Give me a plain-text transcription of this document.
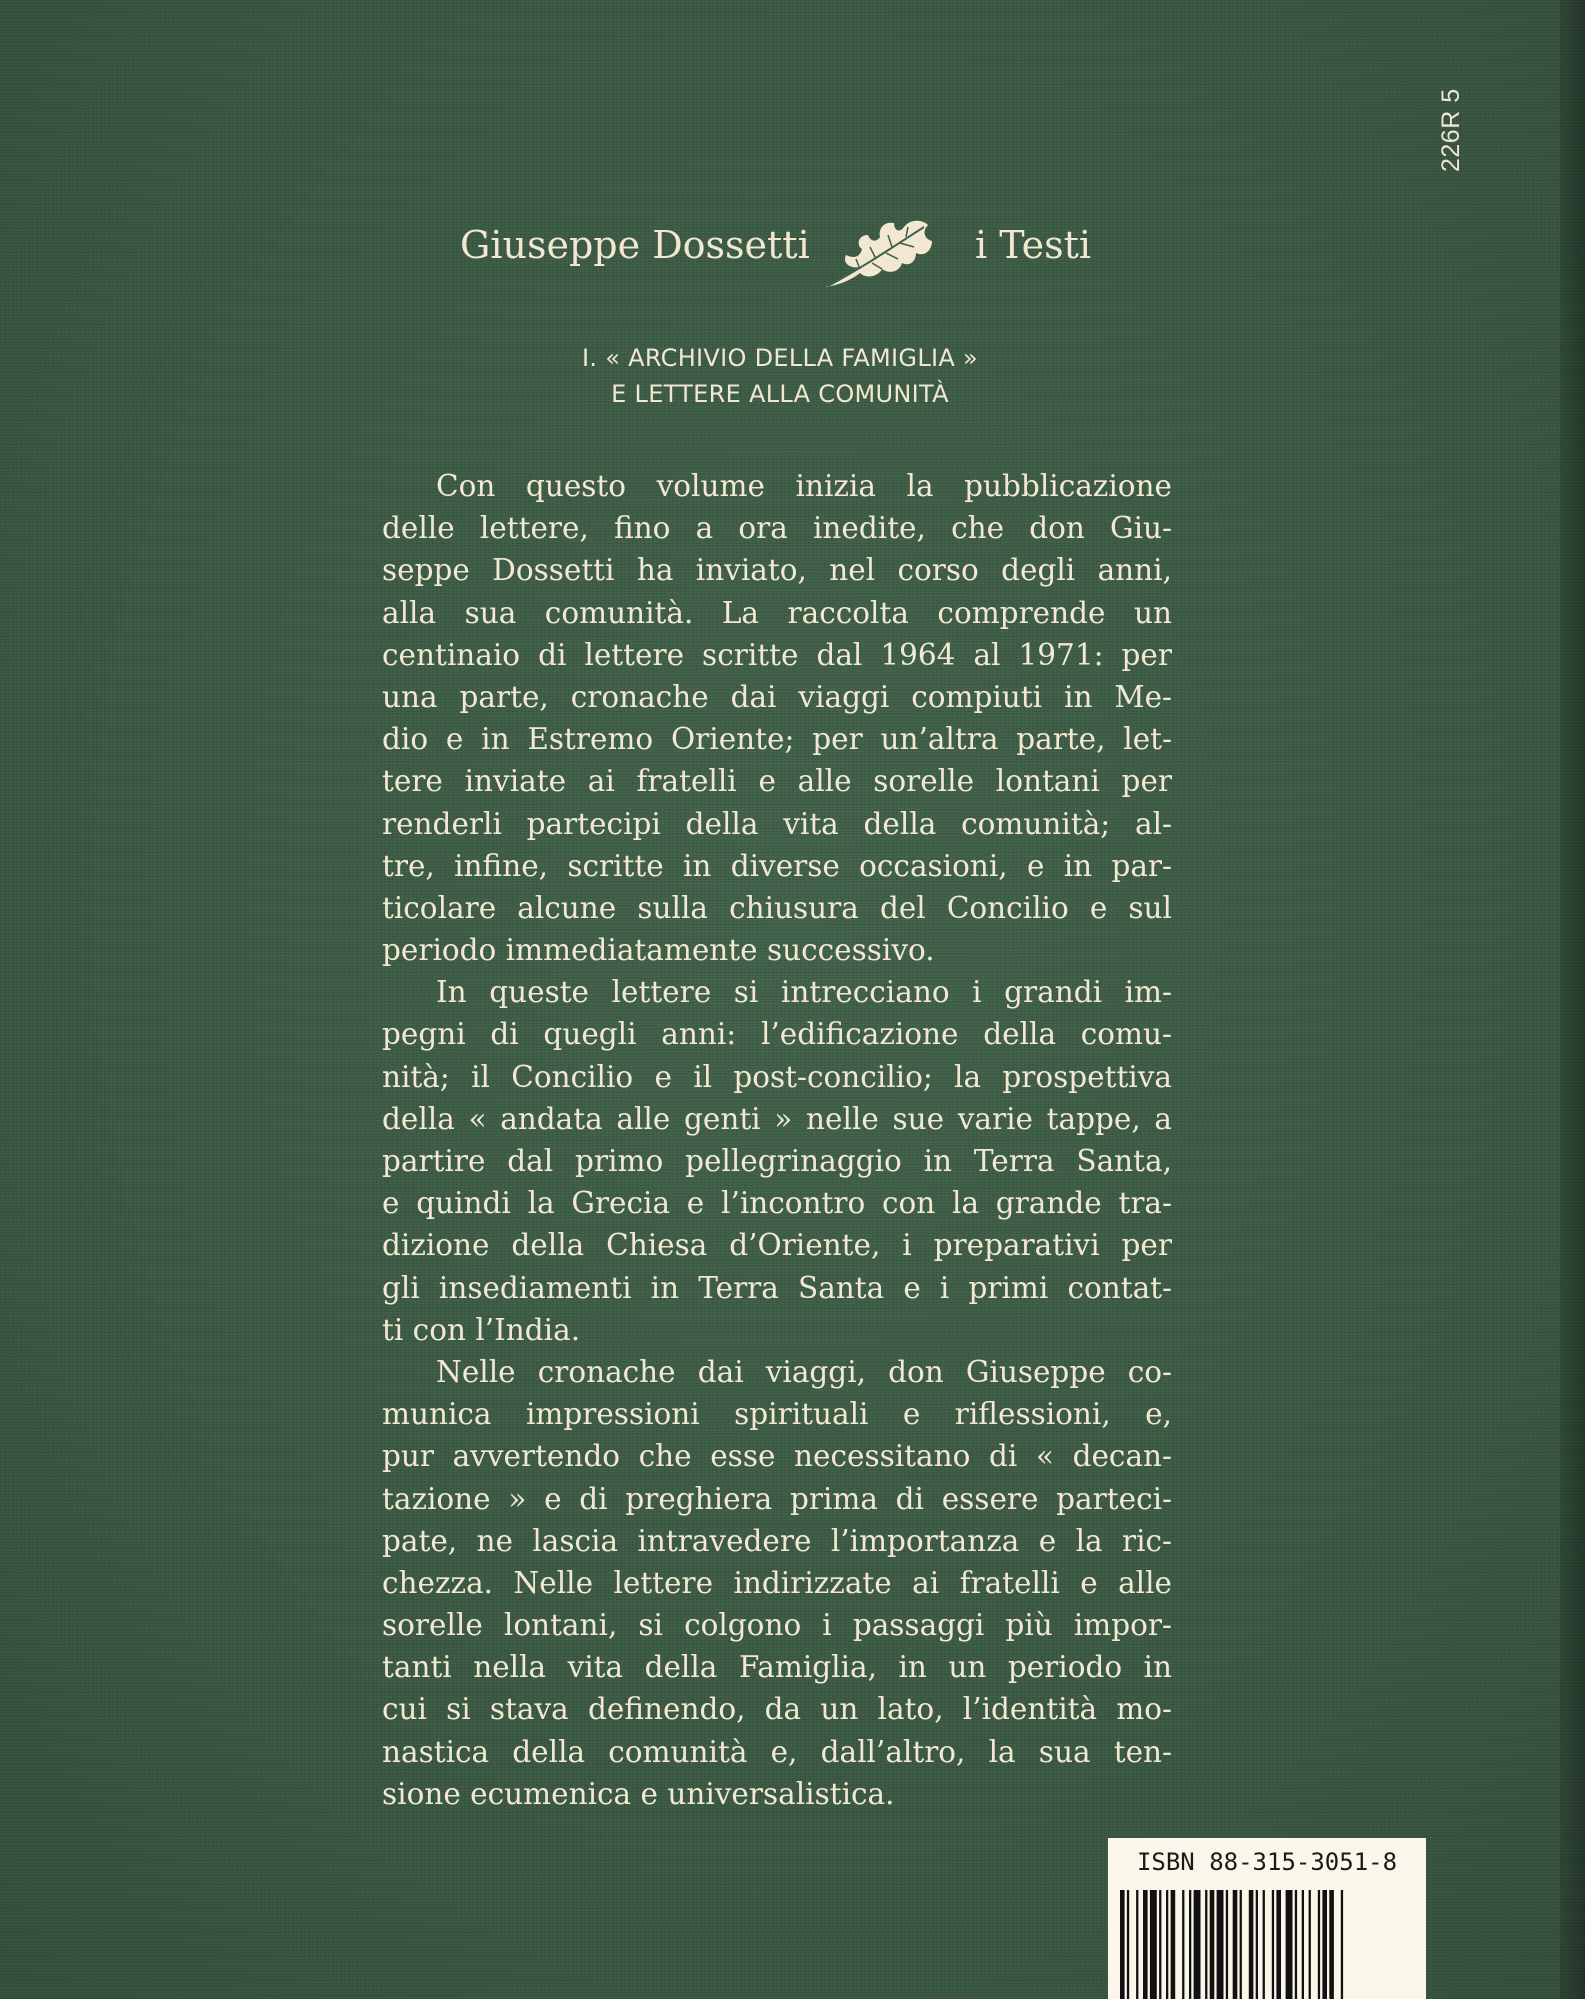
226R 5
Giuseppe Dossetti	i Testi
I. « ARCHIVIO DELLA FAMIGLIA »
E LETTERE ALLA COMUNITÀ
Con questo volume inizia la pubblicazione
delle lettere, fino a ora inedite, che don Giu-
seppe Dossetti ha inviato, nel corso degli anni,
alla sua comunità. La raccolta comprende un
centinaio di lettere scritte dal 1964 al 1971: per
una parte, cronache dai viaggi compiuti in Me-
dio e in Estremo Oriente; per un’altra parte, let-
tere inviate ai fratelli e alle sorelle lontani per
renderli partecipi della vita della comunità; al-
tre, infine, scritte in diverse occasioni, e in par-
ticolare alcune sulla chiusura del Concilio e sul
periodo immediatamente successivo.
In queste lettere si intrecciano i grandi im-
pegni di quegli anni: l’edificazione della comu-
nità; il Concilio e il post-concilio; la prospettiva
della « andata alle genti » nelle sue varie tappe, a
partire dal primo pellegrinaggio in Terra Santa,
e quindi la Grecia e l’incontro con la grande tra-
dizione della Chiesa d’Oriente, i preparativi per
gli insediamenti in Terra Santa e i primi contat-
ti con l’India.
Nelle cronache dai viaggi, don Giuseppe co-
munica impressioni spirituali e riflessioni, e,
pur avvertendo che esse necessitano di « decan-
tazione » e di preghiera prima di essere parteci-
pate, ne lascia intravedere l’importanza e la ric-
chezza. Nelle lettere indirizzate ai fratelli e alle
sorelle lontani, si colgono i passaggi più impor-
tanti nella vita della Famiglia, in un periodo in
cui si stava definendo, da un lato, l’identità mo-
nastica della comunità e, dall’altro, la sua ten-
sione ecumenica e universalistica.
ISBN 88-315-3051-8
